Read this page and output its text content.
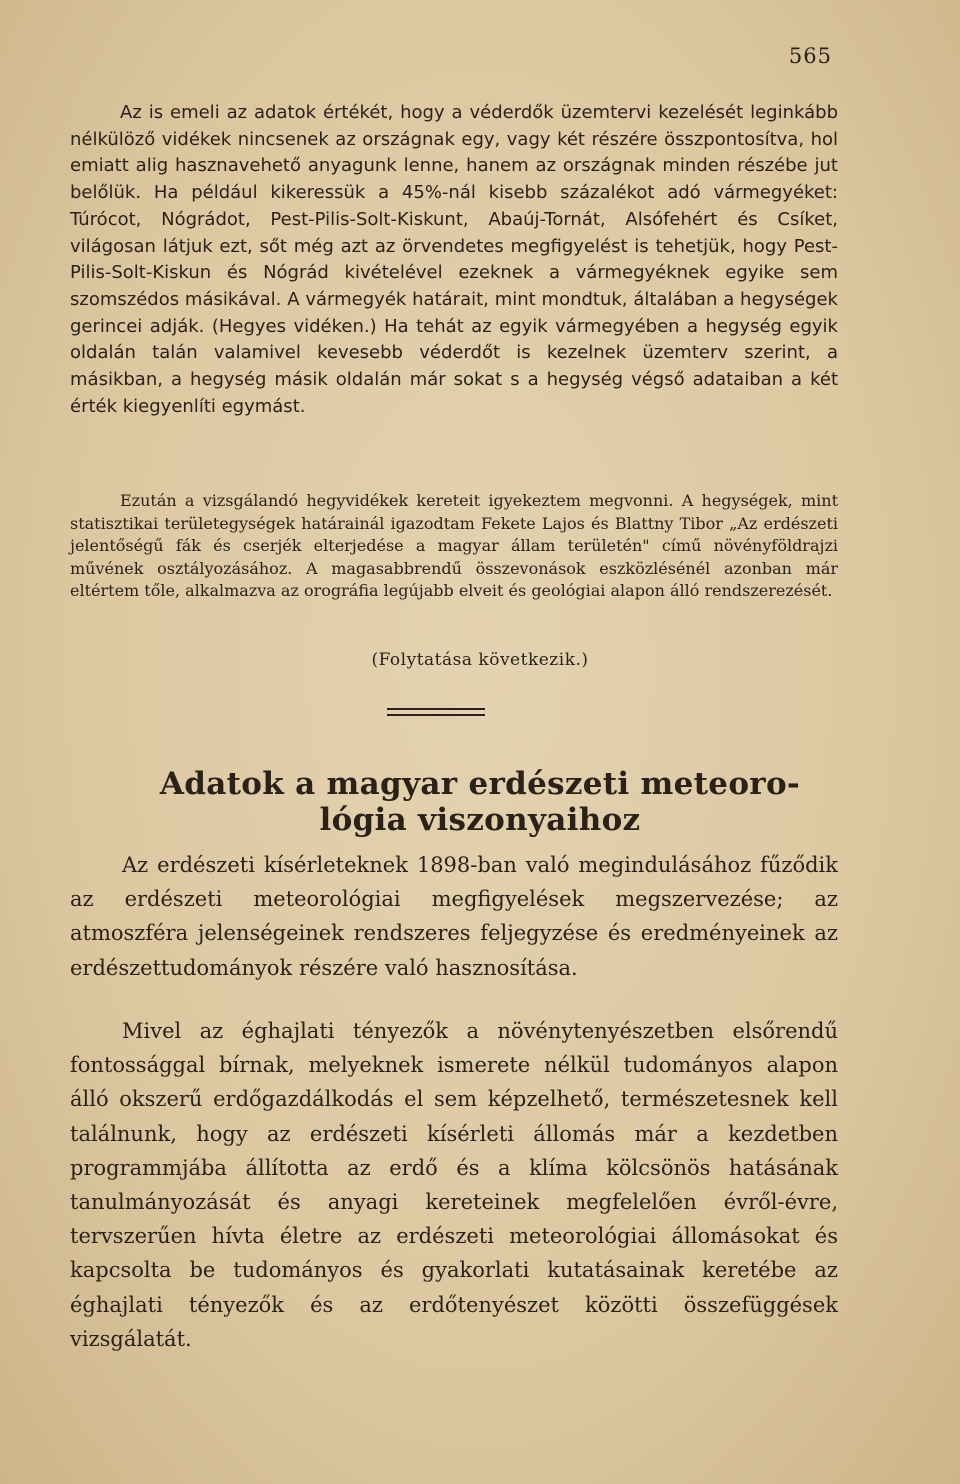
565

Az is emeli az adatok értékét, hogy a véderdők üzemtervi kezelését leginkább nélkülöző vidékek nincsenek az országnak egy, vagy két részére összpontosítva, hol emiatt alig hasznavehető anyagunk lenne, hanem az országnak minden részébe jut belőlük. Ha például kikeressük a 45%-nál kisebb százalékot adó vármegyéket: Túrócot, Nógrádot, Pest-Pilis-Solt-Kiskunt, Abaúj-Tornát, Alsófehért és Csíket, világosan látjuk ezt, sőt még azt az örvendetes megfigyelést is tehetjük, hogy Pest-Pilis-Solt-Kiskun és Nógrád kivételével ezeknek a vármegyéknek egyike sem szomszédos másikával. A vármegyék határait, mint mondtuk, általában a hegységek gerincei adják. (Hegyes vidéken.) Ha tehát az egyik vármegyében a hegység egyik oldalán talán valamivel kevesebb véderdőt is kezelnek üzemterv szerint, a másikban, a hegység másik oldalán már sokat s a hegység végső adataiban a két érték kiegyenlíti egymást.

Ezután a vizsgálandó hegyvidékek kereteit igyekeztem megvonni. A hegységek, mint statisztikai területegységek határainál igazodtam Fekete Lajos és Blattny Tibor „Az erdészeti jelentőségű fák és cserjék elterjedése a magyar állam területén" című növényföldrajzi művének osztályozásához. A magasabbrendű összevonások eszközlésénél azonban már eltértem tőle, alkalmazva az orográfia legújabb elveit és geológiai alapon álló rendszerezését.

(Folytatása következik.)
Adatok a magyar erdészeti meteoro-
lógia viszonyaihoz

Az erdészeti kísérleteknek 1898-ban való megindulásához fűződik az erdészeti meteorológiai megfigyelések megszervezése; az atmoszféra jelenségeinek rendszeres feljegyzése és eredményeinek az erdészettudományok részére való hasznosítása.

Mivel az éghajlati tényezők a növénytenyészetben elsőrendű fontossággal bírnak, melyeknek ismerete nélkül tudományos alapon álló okszerű erdőgazdálkodás el sem képzelhető, természetesnek kell találnunk, hogy az erdészeti kísérleti állomás már a kezdetben programmjába állította az erdő és a klíma kölcsönös hatásának tanulmányozását és anyagi kereteinek megfelelően évről-évre, tervszerűen hívta életre az erdészeti meteorológiai állomásokat és kapcsolta be tudományos és gyakorlati kutatásainak keretébe az éghajlati tényezők és az erdőtenyészet közötti összefüggések vizsgálatát.
